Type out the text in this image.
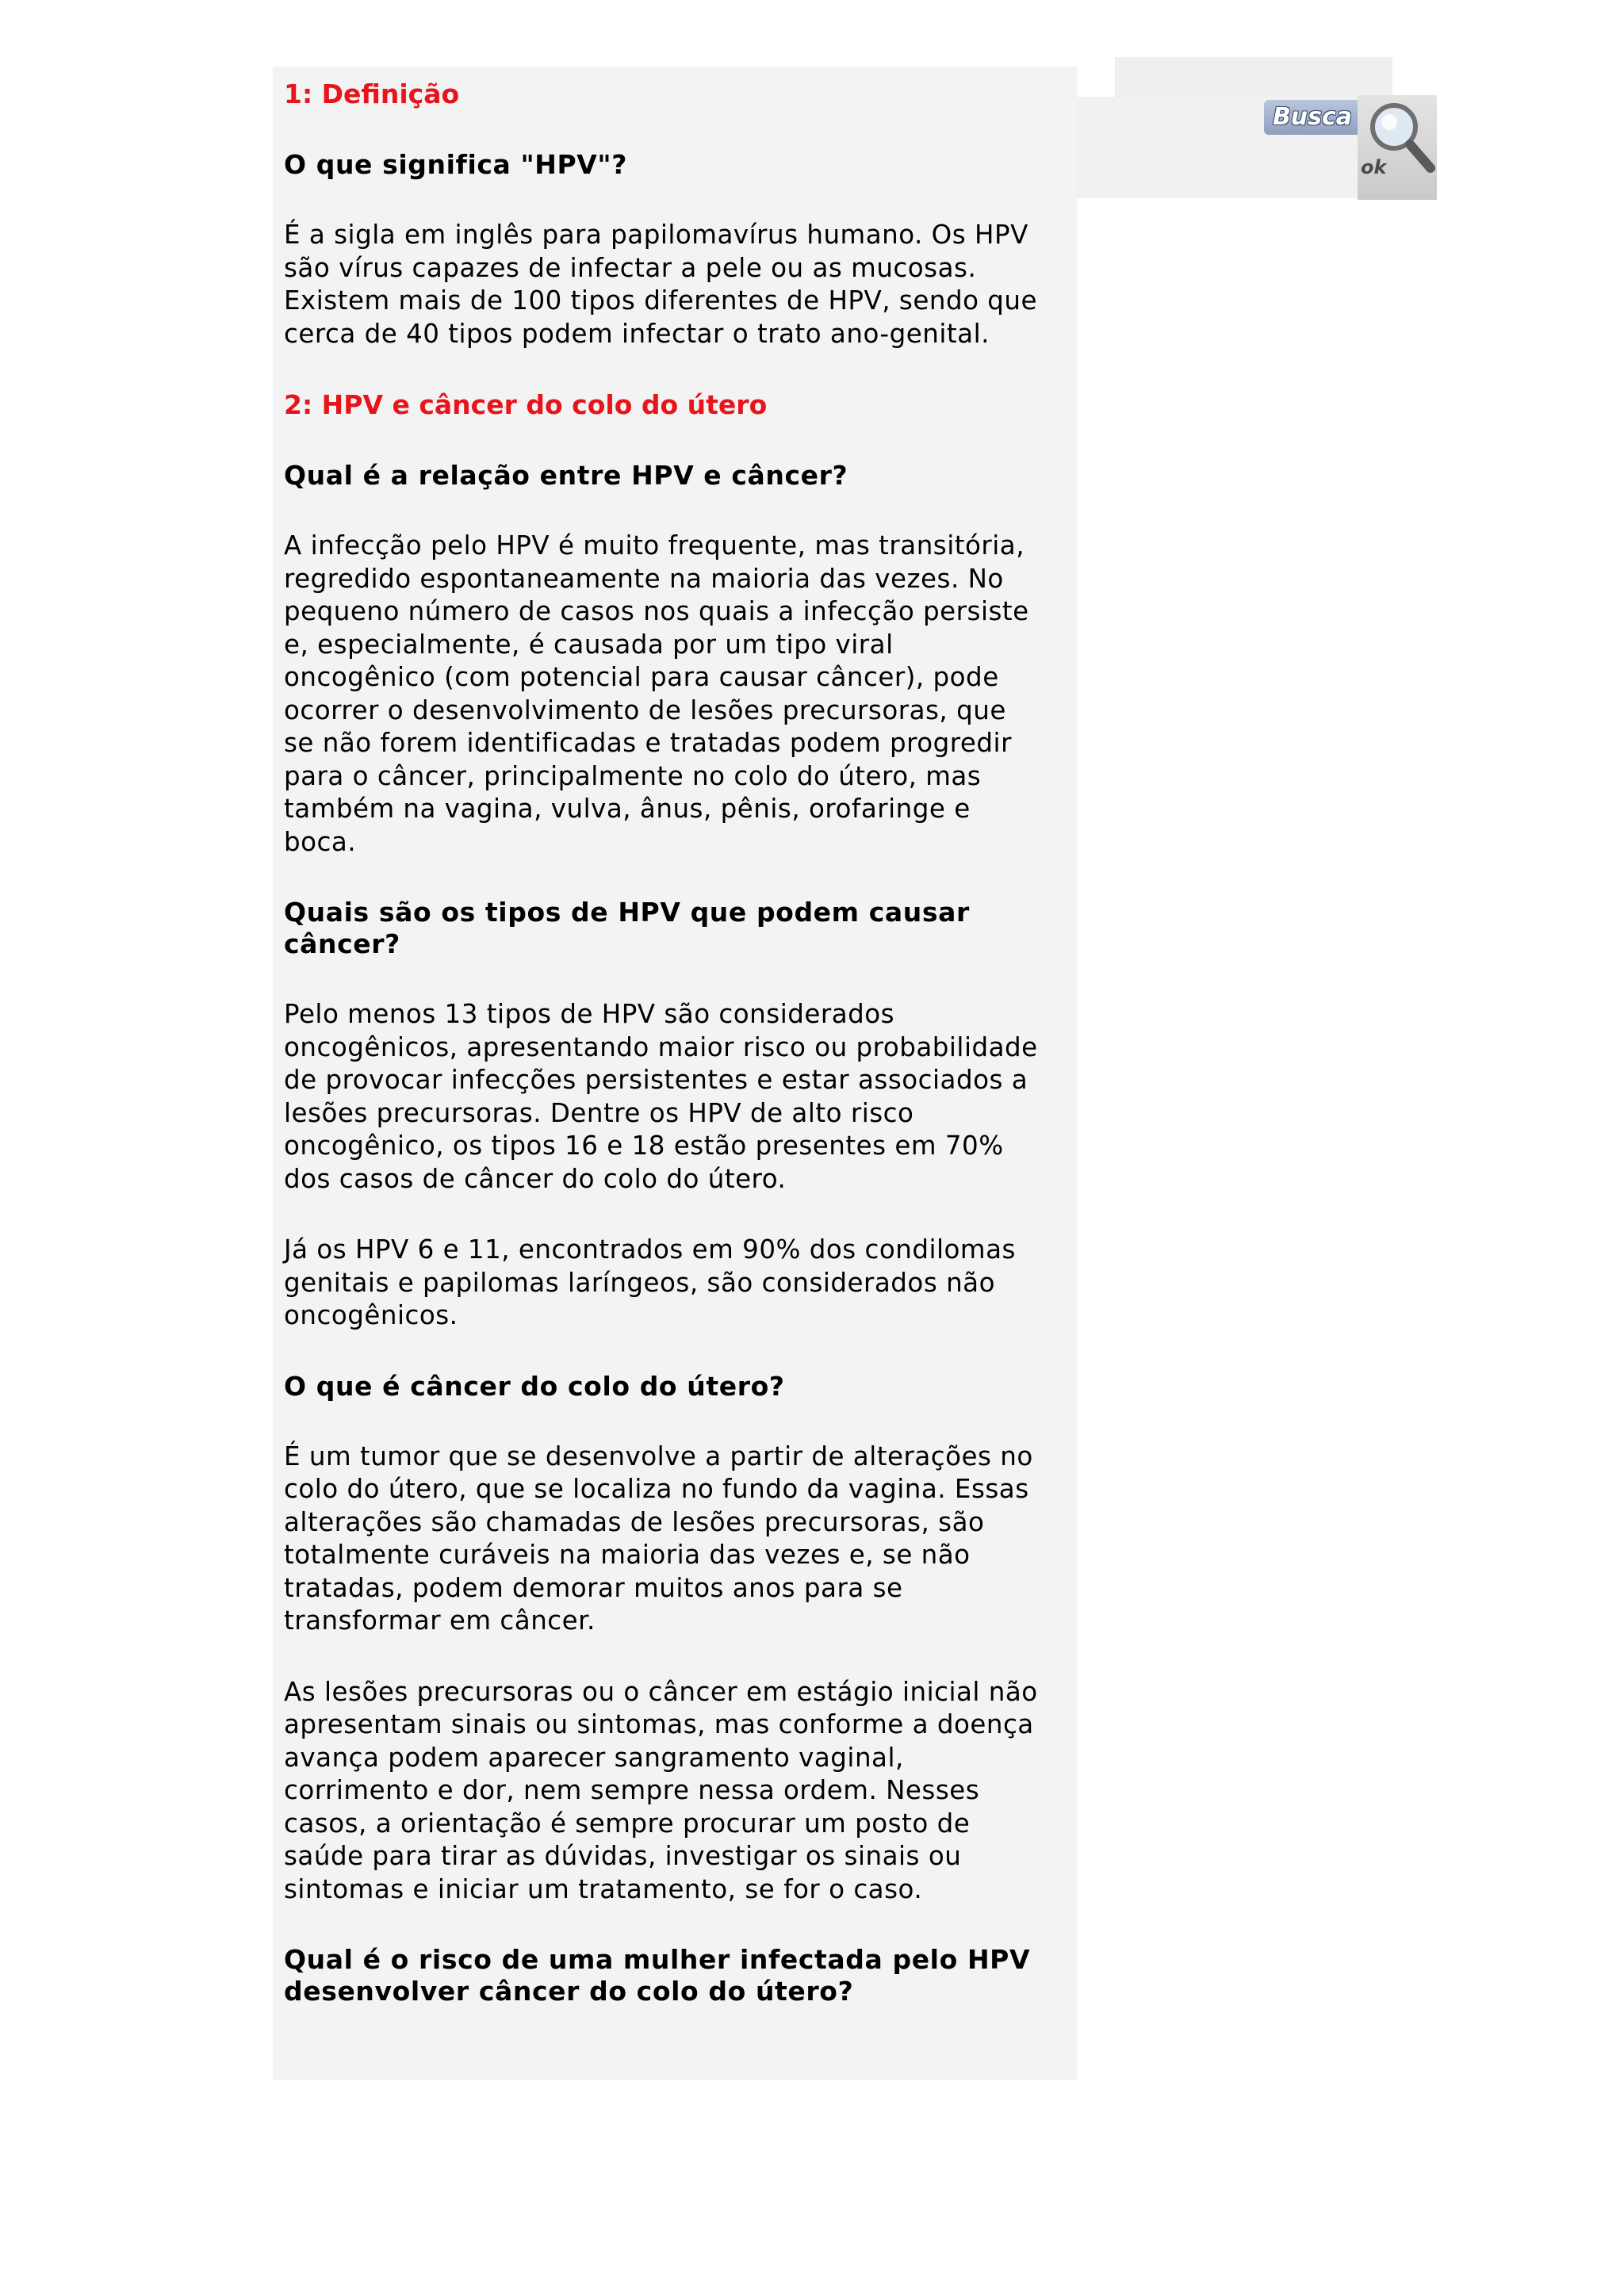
Busca
ok
1: Definição
O que significa "HPV"?
É a sigla em inglês para papilomavírus humano. Os HPV
são vírus capazes de infectar a pele ou as mucosas.
Existem mais de 100 tipos diferentes de HPV, sendo que
cerca de 40 tipos podem infectar o trato ano-genital.
2: HPV e câncer do colo do útero
Qual é a relação entre HPV e câncer?
A infecção pelo HPV é muito frequente, mas transitória,
regredido espontaneamente na maioria das vezes. No
pequeno número de casos nos quais a infecção persiste
e, especialmente, é causada por um tipo viral
oncogênico (com potencial para causar câncer), pode
ocorrer o desenvolvimento de lesões precursoras, que
se não forem identificadas e tratadas podem progredir
para o câncer, principalmente no colo do útero, mas
também na vagina, vulva, ânus, pênis, orofaringe e
boca.
Quais são os tipos de HPV que podem causar câncer?
Pelo menos 13 tipos de HPV são considerados
oncogênicos, apresentando maior risco ou probabilidade
de provocar infecções persistentes e estar associados a
lesões precursoras. Dentre os HPV de alto risco
oncogênico, os tipos 16 e 18 estão presentes em 70%
dos casos de câncer do colo do útero.
Já os HPV 6 e 11, encontrados em 90% dos condilomas
genitais e papilomas laríngeos, são considerados não
oncogênicos.
O que é câncer do colo do útero?
É um tumor que se desenvolve a partir de alterações no
colo do útero, que se localiza no fundo da vagina. Essas
alterações são chamadas de lesões precursoras, são
totalmente curáveis na maioria das vezes e, se não
tratadas, podem demorar muitos anos para se
transformar em câncer.
As lesões precursoras ou o câncer em estágio inicial não
apresentam sinais ou sintomas, mas conforme a doença
avança podem aparecer sangramento vaginal,
corrimento e dor, nem sempre nessa ordem. Nesses
casos, a orientação é sempre procurar um posto de
saúde para tirar as dúvidas, investigar os sinais ou
sintomas e iniciar um tratamento, se for o caso.
Qual é o risco de uma mulher infectada pelo HPV desenvolver câncer do colo do útero?
